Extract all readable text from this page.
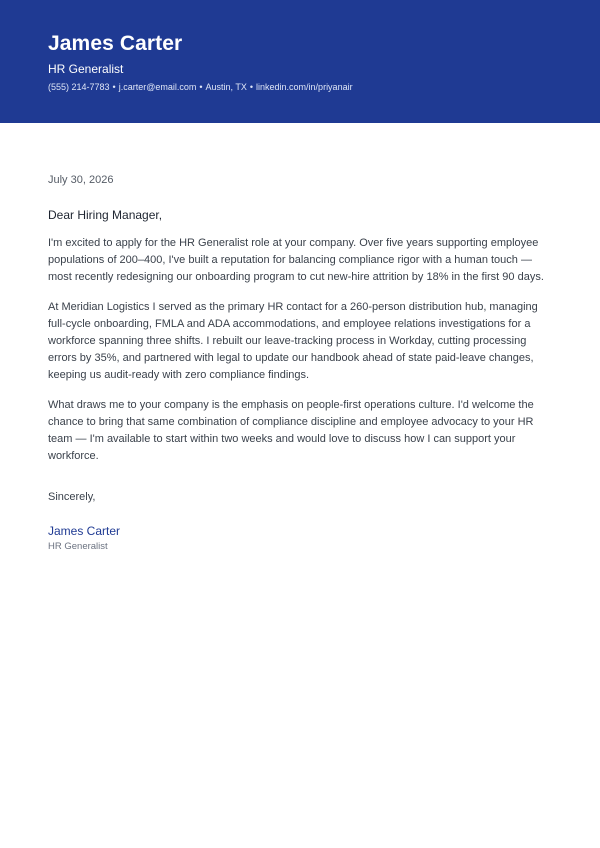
James Carter
HR Generalist
(555) 214-7783 • j.carter@email.com • Austin, TX • linkedin.com/in/priyanair
July 30, 2026
Dear Hiring Manager,

I'm excited to apply for the HR Generalist role at your company. Over five years supporting employee populations of 200–400, I've built a reputation for balancing compliance rigor with a human touch — most recently redesigning our onboarding program to cut new-hire attrition by 18% in the first 90 days.

At Meridian Logistics I served as the primary HR contact for a 260-person distribution hub, managing full-cycle onboarding, FMLA and ADA accommodations, and employee relations investigations for a workforce spanning three shifts. I rebuilt our leave-tracking process in Workday, cutting processing errors by 35%, and partnered with legal to update our handbook ahead of state paid-leave changes, keeping us audit-ready with zero compliance findings.

What draws me to your company is the emphasis on people-first operations culture. I'd welcome the chance to bring that same combination of compliance discipline and employee advocacy to your HR team — I'm available to start within two weeks and would love to discuss how I can support your workforce.

Sincerely,
James Carter
HR Generalist
